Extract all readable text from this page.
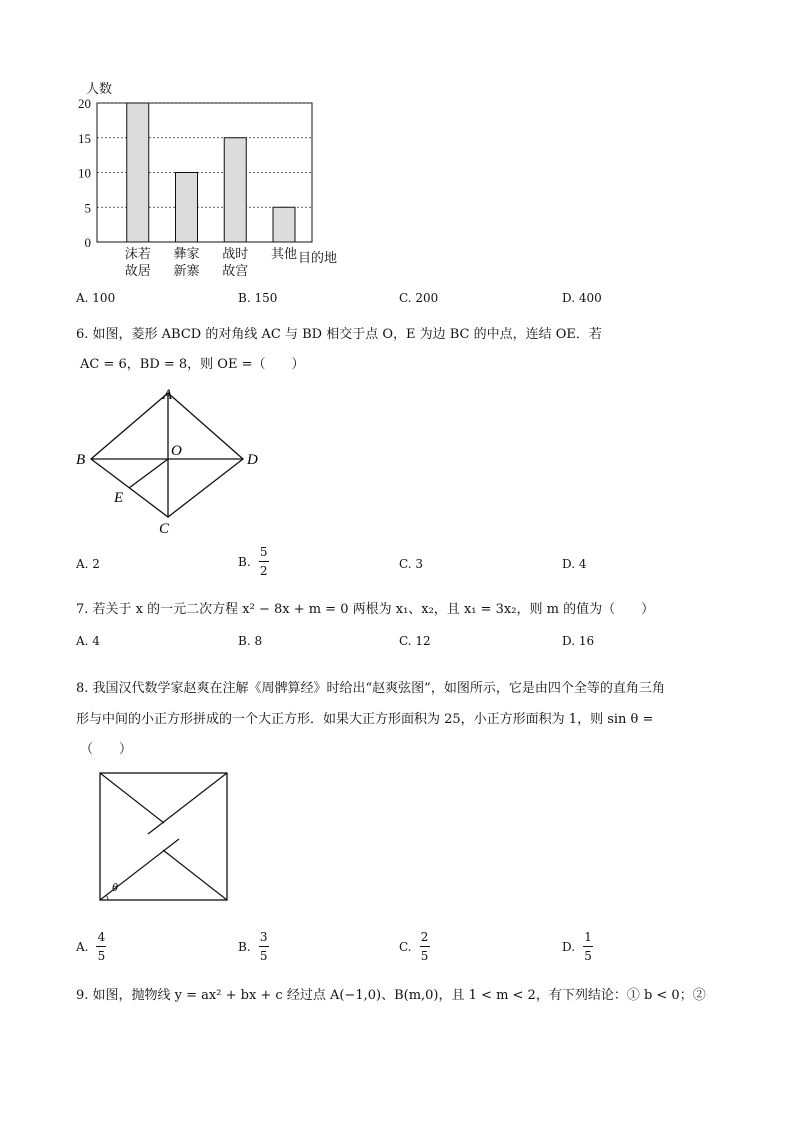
0
5
10
15
20
人数
沫若
故居
彝家
新寨
战时
故宫
其他 目的地
A. 100	B. 150	C. 200	D. 400
6. 如图，菱形 ABCD 的对角线 AC 与 BD 相交于点 O，E 为边 BC 的中点，连结 OE．若
AC = 6，BD = 8，则 OE =（　　）
A
B
C
D
O
E
A. 2	B. $\frac{5}{2}$	C. 3	D. 4
7. 若关于 x 的一元二次方程 x² − 8x + m = 0 两根为 x₁、x₂，且 x₁ = 3x₂，则 m 的值为（　　）
A. 4	B. 8	C. 12	D. 16
8. 我国汉代数学家赵爽在注解《周髀算经》时给出“赵爽弦图”，如图所示，它是由四个全等的直角三角
形与中间的小正方形拼成的一个大正方形．如果大正方形面积为 25，小正方形面积为 1，则 sin θ =
（　　）
θ
A. $\frac{4}{5}$	B. $\frac{3}{5}$	C. $\frac{2}{5}$	D. $\frac{1}{5}$
9. 如图，抛物线 y = ax² + bx + c 经过点 A(−1,0)、B(m,0)，且 1 < m < 2，有下列结论：① b < 0；②
